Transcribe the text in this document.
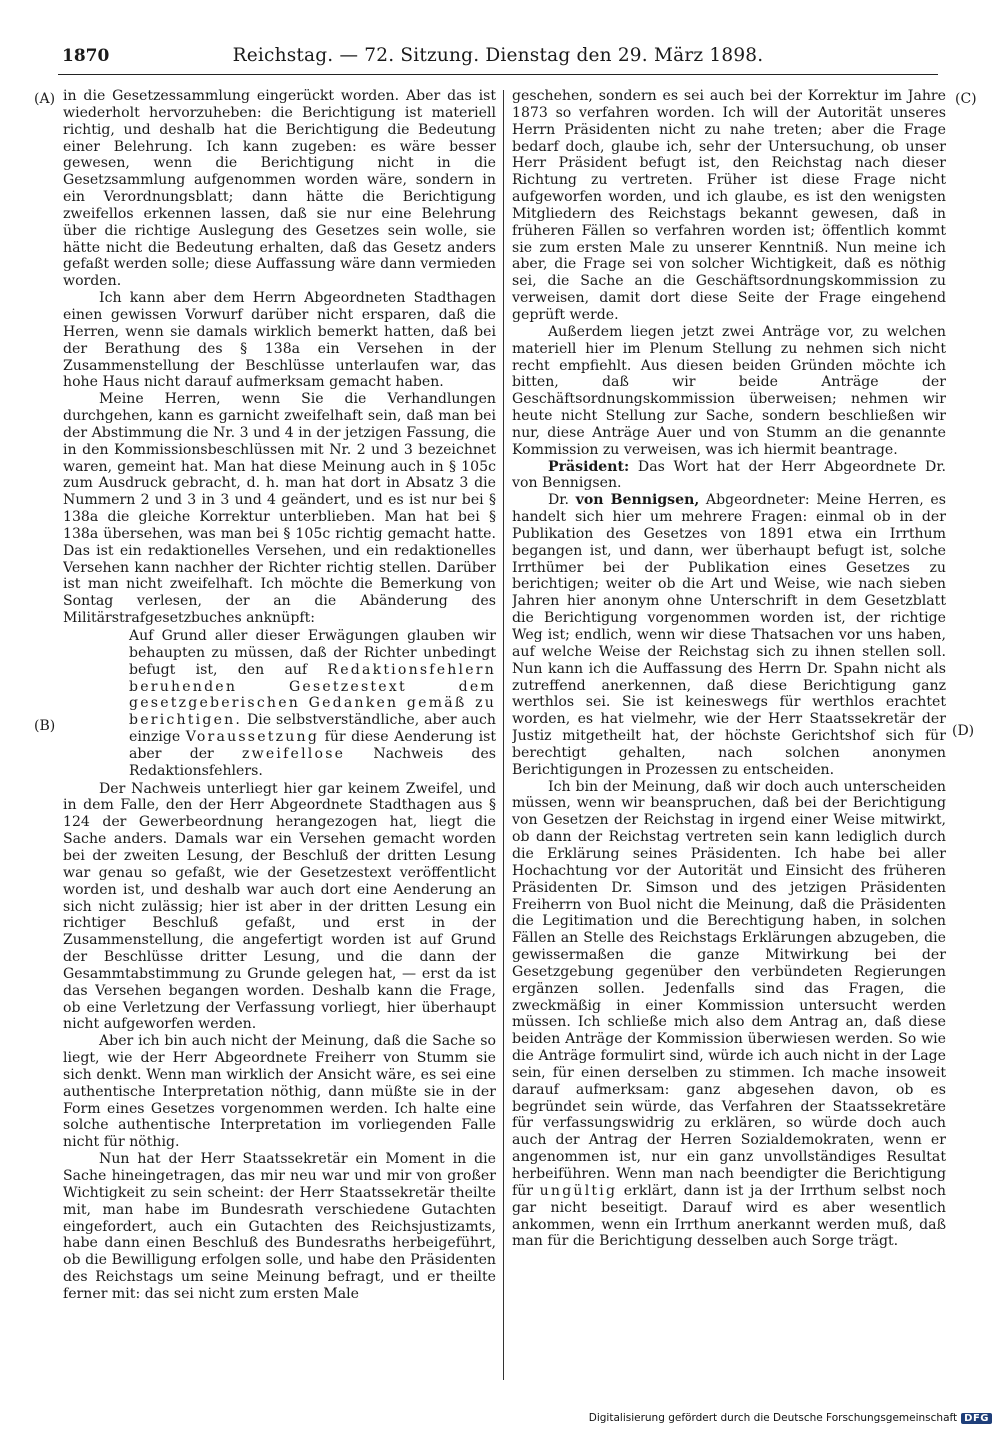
1870	Reichstag. — 72. Sitzung. Dienstag den 29. März 1898.
(A)
(B)
(C)
(D)

in die Gesetzessammlung eingerückt worden. Aber das ist wiederholt hervorzuheben: die Berichtigung ist materiell richtig, und deshalb hat die Berichtigung die Bedeutung einer Belehrung. Ich kann zugeben: es wäre besser gewesen, wenn die Berichtigung nicht in die Gesetzsammlung aufgenommen worden wäre, sondern in ein Verordnungsblatt; dann hätte die Berichtigung zweifellos erkennen lassen, daß sie nur eine Belehrung über die richtige Auslegung des Gesetzes sein wolle, sie hätte nicht die Bedeutung erhalten, daß das Gesetz anders gefaßt werden solle; diese Auffassung wäre dann vermieden worden.

Ich kann aber dem Herrn Abgeordneten Stadthagen einen gewissen Vorwurf darüber nicht ersparen, daß die Herren, wenn sie damals wirklich bemerkt hatten, daß bei der Berathung des § 138a ein Versehen in der Zusammenstellung der Beschlüsse unterlaufen war, das hohe Haus nicht darauf aufmerksam gemacht haben.

Meine Herren, wenn Sie die Verhandlungen durchgehen, kann es garnicht zweifelhaft sein, daß man bei der Abstimmung die Nr. 3 und 4 in der jetzigen Fassung, die in den Kommissionsbeschlüssen mit Nr. 2 und 3 bezeichnet waren, gemeint hat. Man hat diese Meinung auch in § 105c zum Ausdruck gebracht, d. h. man hat dort in Absatz 3 die Nummern 2 und 3 in 3 und 4 geändert, und es ist nur bei § 138a die gleiche Korrektur unterblieben. Man hat bei § 138a übersehen, was man bei § 105c richtig gemacht hatte. Das ist ein redaktionelles Versehen, und ein redaktionelles Versehen kann nachher der Richter richtig stellen. Darüber ist man nicht zweifelhaft. Ich möchte die Bemerkung von Sontag verlesen, der an die Abänderung des Militärstrafgesetzbuches anknüpft:

Auf Grund aller dieser Erwägungen glauben wir behaupten zu müssen, daß der Richter unbedingt befugt ist, den auf Redaktionsfehlern beruhenden Gesetzestext dem gesetzgeberischen Gedanken gemäß zu berichtigen. Die selbstverständliche, aber auch einzige Voraussetzung für diese Aenderung ist aber der zweifellose Nachweis des Redaktionsfehlers.

Der Nachweis unterliegt hier gar keinem Zweifel, und in dem Falle, den der Herr Abgeordnete Stadthagen aus § 124 der Gewerbeordnung herangezogen hat, liegt die Sache anders. Damals war ein Versehen gemacht worden bei der zweiten Lesung, der Beschluß der dritten Lesung war genau so gefaßt, wie der Gesetzestext veröffentlicht worden ist, und deshalb war auch dort eine Aenderung an sich nicht zulässig; hier ist aber in der dritten Lesung ein richtiger Beschluß gefaßt, und erst in der Zusammenstellung, die angefertigt worden ist auf Grund der Beschlüsse dritter Lesung, und die dann der Gesammtabstimmung zu Grunde gelegen hat, — erst da ist das Versehen begangen worden. Deshalb kann die Frage, ob eine Verletzung der Verfassung vorliegt, hier überhaupt nicht aufgeworfen werden.

Aber ich bin auch nicht der Meinung, daß die Sache so liegt, wie der Herr Abgeordnete Freiherr von Stumm sie sich denkt. Wenn man wirklich der Ansicht wäre, es sei eine authentische Interpretation nöthig, dann müßte sie in der Form eines Gesetzes vorgenommen werden. Ich halte eine solche authentische Interpretation im vorliegenden Falle nicht für nöthig.

Nun hat der Herr Staatssekretär ein Moment in die Sache hineingetragen, das mir neu war und mir von großer Wichtigkeit zu sein scheint: der Herr Staatssekretär theilte mit, man habe im Bundesrath verschiedene Gutachten eingefordert, auch ein Gutachten des Reichsjustizamts, habe dann einen Beschluß des Bundesraths herbeigeführt, ob die Bewilligung erfolgen solle, und habe den Präsidenten des Reichstags um seine Meinung befragt, und er theilte ferner mit: das sei nicht zum ersten Male

geschehen, sondern es sei auch bei der Korrektur im Jahre 1873 so verfahren worden. Ich will der Autorität unseres Herrn Präsidenten nicht zu nahe treten; aber die Frage bedarf doch, glaube ich, sehr der Untersuchung, ob unser Herr Präsident befugt ist, den Reichstag nach dieser Richtung zu vertreten. Früher ist diese Frage nicht aufgeworfen worden, und ich glaube, es ist den wenigsten Mitgliedern des Reichstags bekannt gewesen, daß in früheren Fällen so verfahren worden ist; öffentlich kommt sie zum ersten Male zu unserer Kenntniß. Nun meine ich aber, die Frage sei von solcher Wichtigkeit, daß es nöthig sei, die Sache an die Geschäftsordnungskommission zu verweisen, damit dort diese Seite der Frage eingehend geprüft werde.

Außerdem liegen jetzt zwei Anträge vor, zu welchen materiell hier im Plenum Stellung zu nehmen sich nicht recht empfiehlt. Aus diesen beiden Gründen möchte ich bitten, daß wir beide Anträge der Geschäftsordnungskommission überweisen; nehmen wir heute nicht Stellung zur Sache, sondern beschließen wir nur, diese Anträge Auer und von Stumm an die genannte Kommission zu verweisen, was ich hiermit beantrage.

Präsident: Das Wort hat der Herr Abgeordnete Dr. von Bennigsen.

Dr. von Bennigsen, Abgeordneter: Meine Herren, es handelt sich hier um mehrere Fragen: einmal ob in der Publikation des Gesetzes von 1891 etwa ein Irrthum begangen ist, und dann, wer überhaupt befugt ist, solche Irrthümer bei der Publikation eines Gesetzes zu berichtigen; weiter ob die Art und Weise, wie nach sieben Jahren hier anonym ohne Unterschrift in dem Gesetzblatt die Berichtigung vorgenommen worden ist, der richtige Weg ist; endlich, wenn wir diese Thatsachen vor uns haben, auf welche Weise der Reichstag sich zu ihnen stellen soll. Nun kann ich die Auffassung des Herrn Dr. Spahn nicht als zutreffend anerkennen, daß diese Berichtigung ganz werthlos sei. Sie ist keineswegs für werthlos erachtet worden, es hat vielmehr, wie der Herr Staatssekretär der Justiz mitgetheilt hat, der höchste Gerichtshof sich für berechtigt gehalten, nach solchen anonymen Berichtigungen in Prozessen zu entscheiden.

Ich bin der Meinung, daß wir doch auch unterscheiden müssen, wenn wir beanspruchen, daß bei der Berichtigung von Gesetzen der Reichstag in irgend einer Weise mitwirkt, ob dann der Reichstag vertreten sein kann lediglich durch die Erklärung seines Präsidenten. Ich habe bei aller Hochachtung vor der Autorität und Einsicht des früheren Präsidenten Dr. Simson und des jetzigen Präsidenten Freiherrn von Buol nicht die Meinung, daß die Präsidenten die Legitimation und die Berechtigung haben, in solchen Fällen an Stelle des Reichstags Erklärungen abzugeben, die gewissermaßen die ganze Mitwirkung bei der Gesetzgebung gegenüber den verbündeten Regierungen ergänzen sollen. Jedenfalls sind das Fragen, die zweckmäßig in einer Kommission untersucht werden müssen. Ich schließe mich also dem Antrag an, daß diese beiden Anträge der Kommission überwiesen werden. So wie die Anträge formulirt sind, würde ich auch nicht in der Lage sein, für einen derselben zu stimmen. Ich mache insoweit darauf aufmerksam: ganz abgesehen davon, ob es begründet sein würde, das Verfahren der Staatssekretäre für verfassungswidrig zu erklären, so würde doch auch auch der Antrag der Herren Sozialdemokraten, wenn er angenommen ist, nur ein ganz unvollständiges Resultat herbeiführen. Wenn man nach beendigter die Berichtigung für ungültig erklärt, dann ist ja der Irrthum selbst noch gar nicht beseitigt. Darauf wird es aber wesentlich ankommen, wenn ein Irrthum anerkannt werden muß, daß man für die Berichtigung desselben auch Sorge trägt.

Digitalisierung gefördert durch die Deutsche Forschungsgemeinschaft DFG
